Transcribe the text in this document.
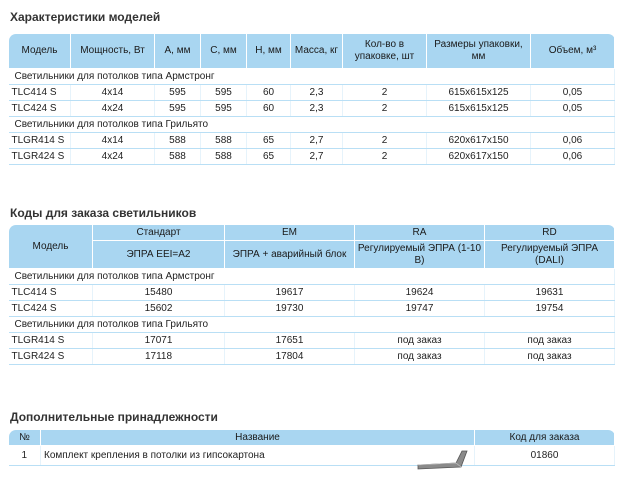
Характеристики моделей
Модель	Мощность, Вт	А, мм	С, мм	Н, мм	Масса, кг	Кол-во в упаковке, шт	Размеры упаковки, мм	Объем, м³
Светильники для потолков типа Армстронг								
TLC414 S	4x14	595	595	60	2,3	2	615x615x125	0,05
TLC424 S	4x24	595	595	60	2,3	2	615x615x125	0,05
Светильники для потолков типа Грильято								
TLGR414 S	4x14	588	588	65	2,7	2	620x617x150	0,06
TLGR424 S	4x24	588	588	65	2,7	2	620x617x150	0,06
Коды для заказа светильников
Модель	Стандарт	EM	RA	RD
	ЭПРА EEI=A2	ЭПРА + аварийный блок	Регулируемый ЭПРА (1-10 В)	Регулируемый ЭПРА (DALI)
Светильники для потолков типа Армстронг				
TLC414 S	15480	19617	19624	19631
TLC424 S	15602	19730	19747	19754
Светильники для потолков типа Грильято				
TLGR414 S	17071	17651	под заказ	под заказ
TLGR424 S	17118	17804	под заказ	под заказ
Дополнительные принадлежности
№	Название	Код для заказа
1	Комплект крепления в потолки из гипсокартона	01860
